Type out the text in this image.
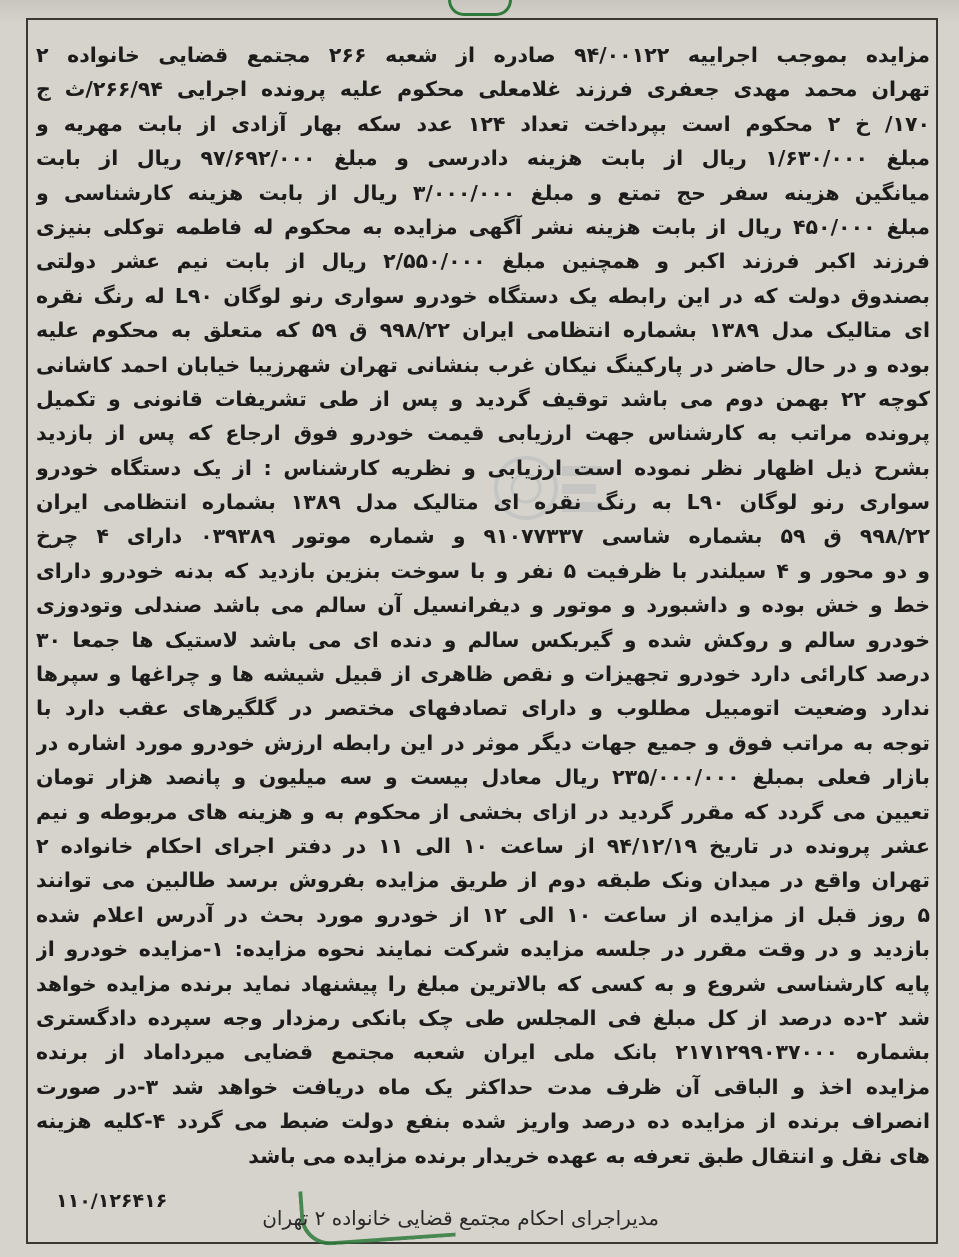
مزایده بموجب اجراییه ۹۴/۰۰۱۲۲ صادره از شعبه ۲۶۶ مجتمع قضایی خانواده ۲
تهران محمد مهدی جعفری فرزند غلامعلی محکوم علیه پرونده اجرایی ۲۶۶/۹۴/ث ج
۱۷۰/ خ ۲ محکوم است بپرداخت تعداد ۱۲۴ عدد سکه بهار آزادی از بابت مهریه و
مبلغ ۱/۶۳۰/۰۰۰ ریال از بابت هزینه دادرسی و مبلغ ۹۷/۶۹۲/۰۰۰ ریال از بابت
میانگین هزینه سفر حج تمتع و مبلغ ۳/۰۰۰/۰۰۰ ریال از بابت هزینه کارشناسی و
مبلغ ۴۵۰/۰۰۰ ریال از بابت هزینه نشر آگهی مزایده به محکوم له فاطمه توکلی بنیزی
فرزند اکبر فرزند اکبر و همچنین مبلغ ۲/۵۵۰/۰۰۰ ریال از بابت نیم عشر دولتی
بصندوق دولت که در این رابطه یک دستگاه خودرو سواری رنو لوگان L۹۰ له رنگ نقره
ای متالیک مدل ۱۳۸۹ بشماره انتظامی ایران ۹۹۸/۲۲ ق ۵۹ که متعلق به محکوم علیه
بوده و در حال حاضر در پارکینگ نیکان غرب بنشانی تهران شهرزیبا خیابان احمد کاشانی
کوچه ۲۲ بهمن دوم می باشد توقیف گردید و پس از طی تشریفات قانونی و تکمیل
پرونده مراتب به کارشناس جهت ارزیابی قیمت خودرو فوق ارجاع که پس از بازدید
بشرح ذیل اظهار نظر نموده است ارزیابی و نظریه کارشناس : از یک دستگاه خودرو
سواری رنو لوگان L۹۰ به رنگ نقره ای متالیک مدل ۱۳۸۹ بشماره انتظامی ایران
۹۹۸/۲۲ ق ۵۹ بشماره شاسی ۹۱۰۷۷۳۳۷ و شماره موتور ۰۳۹۳۸۹ دارای ۴ چرخ
و دو محور و ۴ سیلندر با ظرفیت ۵ نفر و با سوخت بنزین بازدید که بدنه خودرو دارای
خط و خش بوده و داشبورد و موتور و دیفرانسیل آن سالم می باشد صندلی وتودوزی
خودرو سالم و روکش شده و گیربکس سالم و دنده ای می باشد لاستیک ها جمعا ۳۰
درصد کارائی دارد خودرو تجهیزات و نقص ظاهری از قبیل شیشه ها و چراغها و سپرها
ندارد وضعیت اتومبیل مطلوب و دارای تصادفهای مختصر در گلگیرهای عقب دارد با
توجه به مراتب فوق و جمیع جهات دیگر موثر در این رابطه ارزش خودرو مورد اشاره در
بازار فعلی بمبلغ ۲۳۵/۰۰۰/۰۰۰ ریال معادل بیست و سه میلیون و پانصد هزار تومان
تعیین می گردد که مقرر گردید در ازای بخشی از محکوم به و هزینه های مربوطه و نیم
عشر پرونده در تاریخ ۹۴/۱۲/۱۹ از ساعت ۱۰ الی ۱۱ در دفتر اجرای احکام خانواده ۲
تهران واقع در میدان ونک طبقه دوم از طریق مزایده بفروش برسد طالبین می توانند
۵ روز قبل از مزایده از ساعت ۱۰ الی ۱۲ از خودرو مورد بحث در آدرس اعلام شده
بازدید و در وقت مقرر در جلسه مزایده شرکت نمایند نحوه مزایده: ۱-مزایده خودرو از
پایه کارشناسی شروع و به کسی که بالاترین مبلغ را پیشنهاد نماید برنده مزایده خواهد
شد ۲-ده درصد از کل مبلغ فی المجلس طی چک بانکی رمزدار وجه سپرده دادگستری
بشماره ۲۱۷۱۲۹۹۰۳۷۰۰۰ بانک ملی ایران شعبه مجتمع قضایی میرداماد از برنده
مزایده اخذ و الباقی آن ظرف مدت حداکثر یک ماه دریافت خواهد شد ۳-در صورت
انصراف برنده از مزایده ده درصد واریز شده بنفع دولت ضبط می گردد ۴-کلیه هزینه
های نقل و انتقال طبق تعرفه به عهده خریدار برنده مزایده می باشد
مدیراجرای احکام مجتمع قضایی خانواده ۲ تهران
۱۱۰/۱۲۶۴۱۶
